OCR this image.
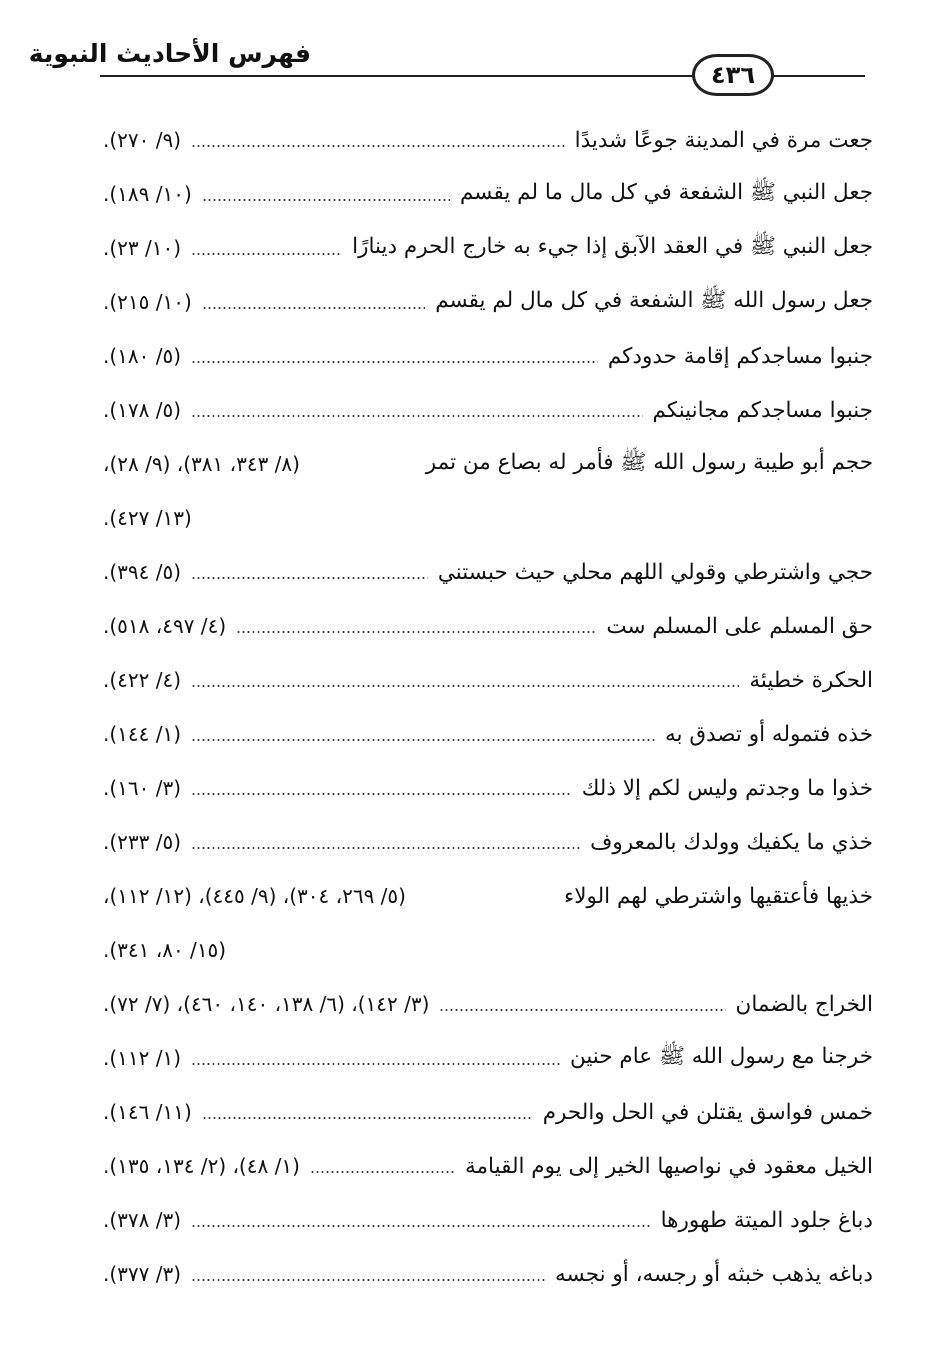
فهرس الأحاديث النبوية
٤٣٦
جعت مرة في المدينة جوعًا شديدًا
(٩/ ٢٧٠).
جعل النبي ﷺ الشفعة في كل مال ما لم يقسم
(١٠/ ١٨٩).
جعل النبي ﷺ في العقد الآبق إذا جيء به خارج الحرم دينارًا
(١٠/ ٢٣).
جعل رسول الله ﷺ الشفعة في كل مال لم يقسم
(١٠/ ٢١٥).
جنبوا مساجدكم إقامة حدودكم
(٥/ ١٨٠).
جنبوا مساجدكم مجانينكم
(٥/ ١٧٨).
حجم أبو طيبة رسول الله ﷺ فأمر له بصاع من تمر
(٨/ ٣٤٣، ٣٨١)، (٩/ ٢٨)،
(١٣/ ٤٢٧).
حجي واشترطي وقولي اللهم محلي حيث حبستني
(٥/ ٣٩٤).
حق المسلم على المسلم ست
(٤/ ٤٩٧، ٥١٨).
الحكرة خطيئة
(٤/ ٤٢٢).
خذه فتموله أو تصدق به
(١/ ١٤٤).
خذوا ما وجدتم وليس لكم إلا ذلك
(٣/ ١٦٠).
خذي ما يكفيك وولدك بالمعروف
(٥/ ٢٣٣).
خذيها فأعتقيها واشترطي لهم الولاء
(٥/ ٢٦٩، ٣٠٤)، (٩/ ٤٤٥)، (١٢/ ١١٢)،
(١٥/ ٨٠، ٣٤١).
الخراج بالضمان
(٣/ ١٤٢)، (٦/ ١٣٨، ١٤٠، ٤٦٠)، (٧/ ٧٢).
خرجنا مع رسول الله ﷺ عام حنين
(١/ ١١٢).
خمس فواسق يقتلن في الحل والحرم
(١١/ ١٤٦).
الخيل معقود في نواصيها الخير إلى يوم القيامة
(١/ ٤٨)، (٢/ ١٣٤، ١٣٥).
دباغ جلود الميتة طهورها
(٣/ ٣٧٨).
دباغه يذهب خبثه أو رجسه، أو نجسه
(٣/ ٣٧٧).
